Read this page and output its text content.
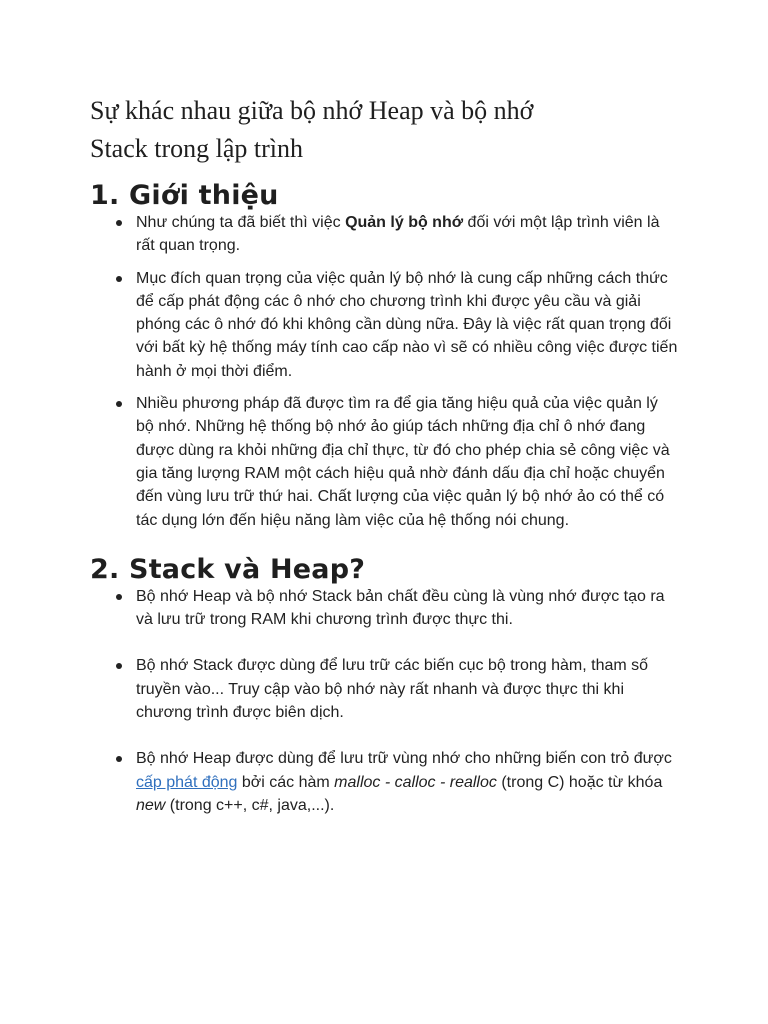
Sự khác nhau giữa bộ nhớ Heap và bộ nhớ
Stack trong lập trình
1. Giới thiệu
Như chúng ta đã biết thì việc Quản lý bộ nhớ đối với một lập trình viên là rất quan trọng.
Mục đích quan trọng của việc quản lý bộ nhớ là cung cấp những cách thức để cấp phát động các ô nhớ cho chương trình khi được yêu cầu và giải phóng các ô nhớ đó khi không cần dùng nữa. Đây là việc rất quan trọng đối với bất kỳ hệ thống máy tính cao cấp nào vì sẽ có nhiều công việc được tiến hành ở mọi thời điểm.
Nhiều phương pháp đã được tìm ra để gia tăng hiệu quả của việc quản lý bộ nhớ. Những hệ thống bộ nhớ ảo giúp tách những địa chỉ ô nhớ đang được dùng ra khỏi những địa chỉ thực, từ đó cho phép chia sẻ công việc và gia tăng lượng RAM một cách hiệu quả nhờ đánh dấu địa chỉ hoặc chuyển đến vùng lưu trữ thứ hai. Chất lượng của việc quản lý bộ nhớ ảo có thể có tác dụng lớn đến hiệu năng làm việc của hệ thống nói chung.
2. Stack và Heap?
Bộ nhớ Heap và bộ nhớ Stack bản chất đều cùng là vùng nhớ được tạo ra và lưu trữ trong RAM khi chương trình được thực thi.
Bộ nhớ Stack được dùng để lưu trữ các biến cục bộ trong hàm, tham số truyền vào... Truy cập vào bộ nhớ này rất nhanh và được thực thi khi chương trình được biên dịch.
Bộ nhớ Heap được dùng để lưu trữ vùng nhớ cho những biến con trỏ được cấp phát động bởi các hàm malloc - calloc - realloc (trong C) hoặc từ khóa new (trong c++, c#, java,...).
